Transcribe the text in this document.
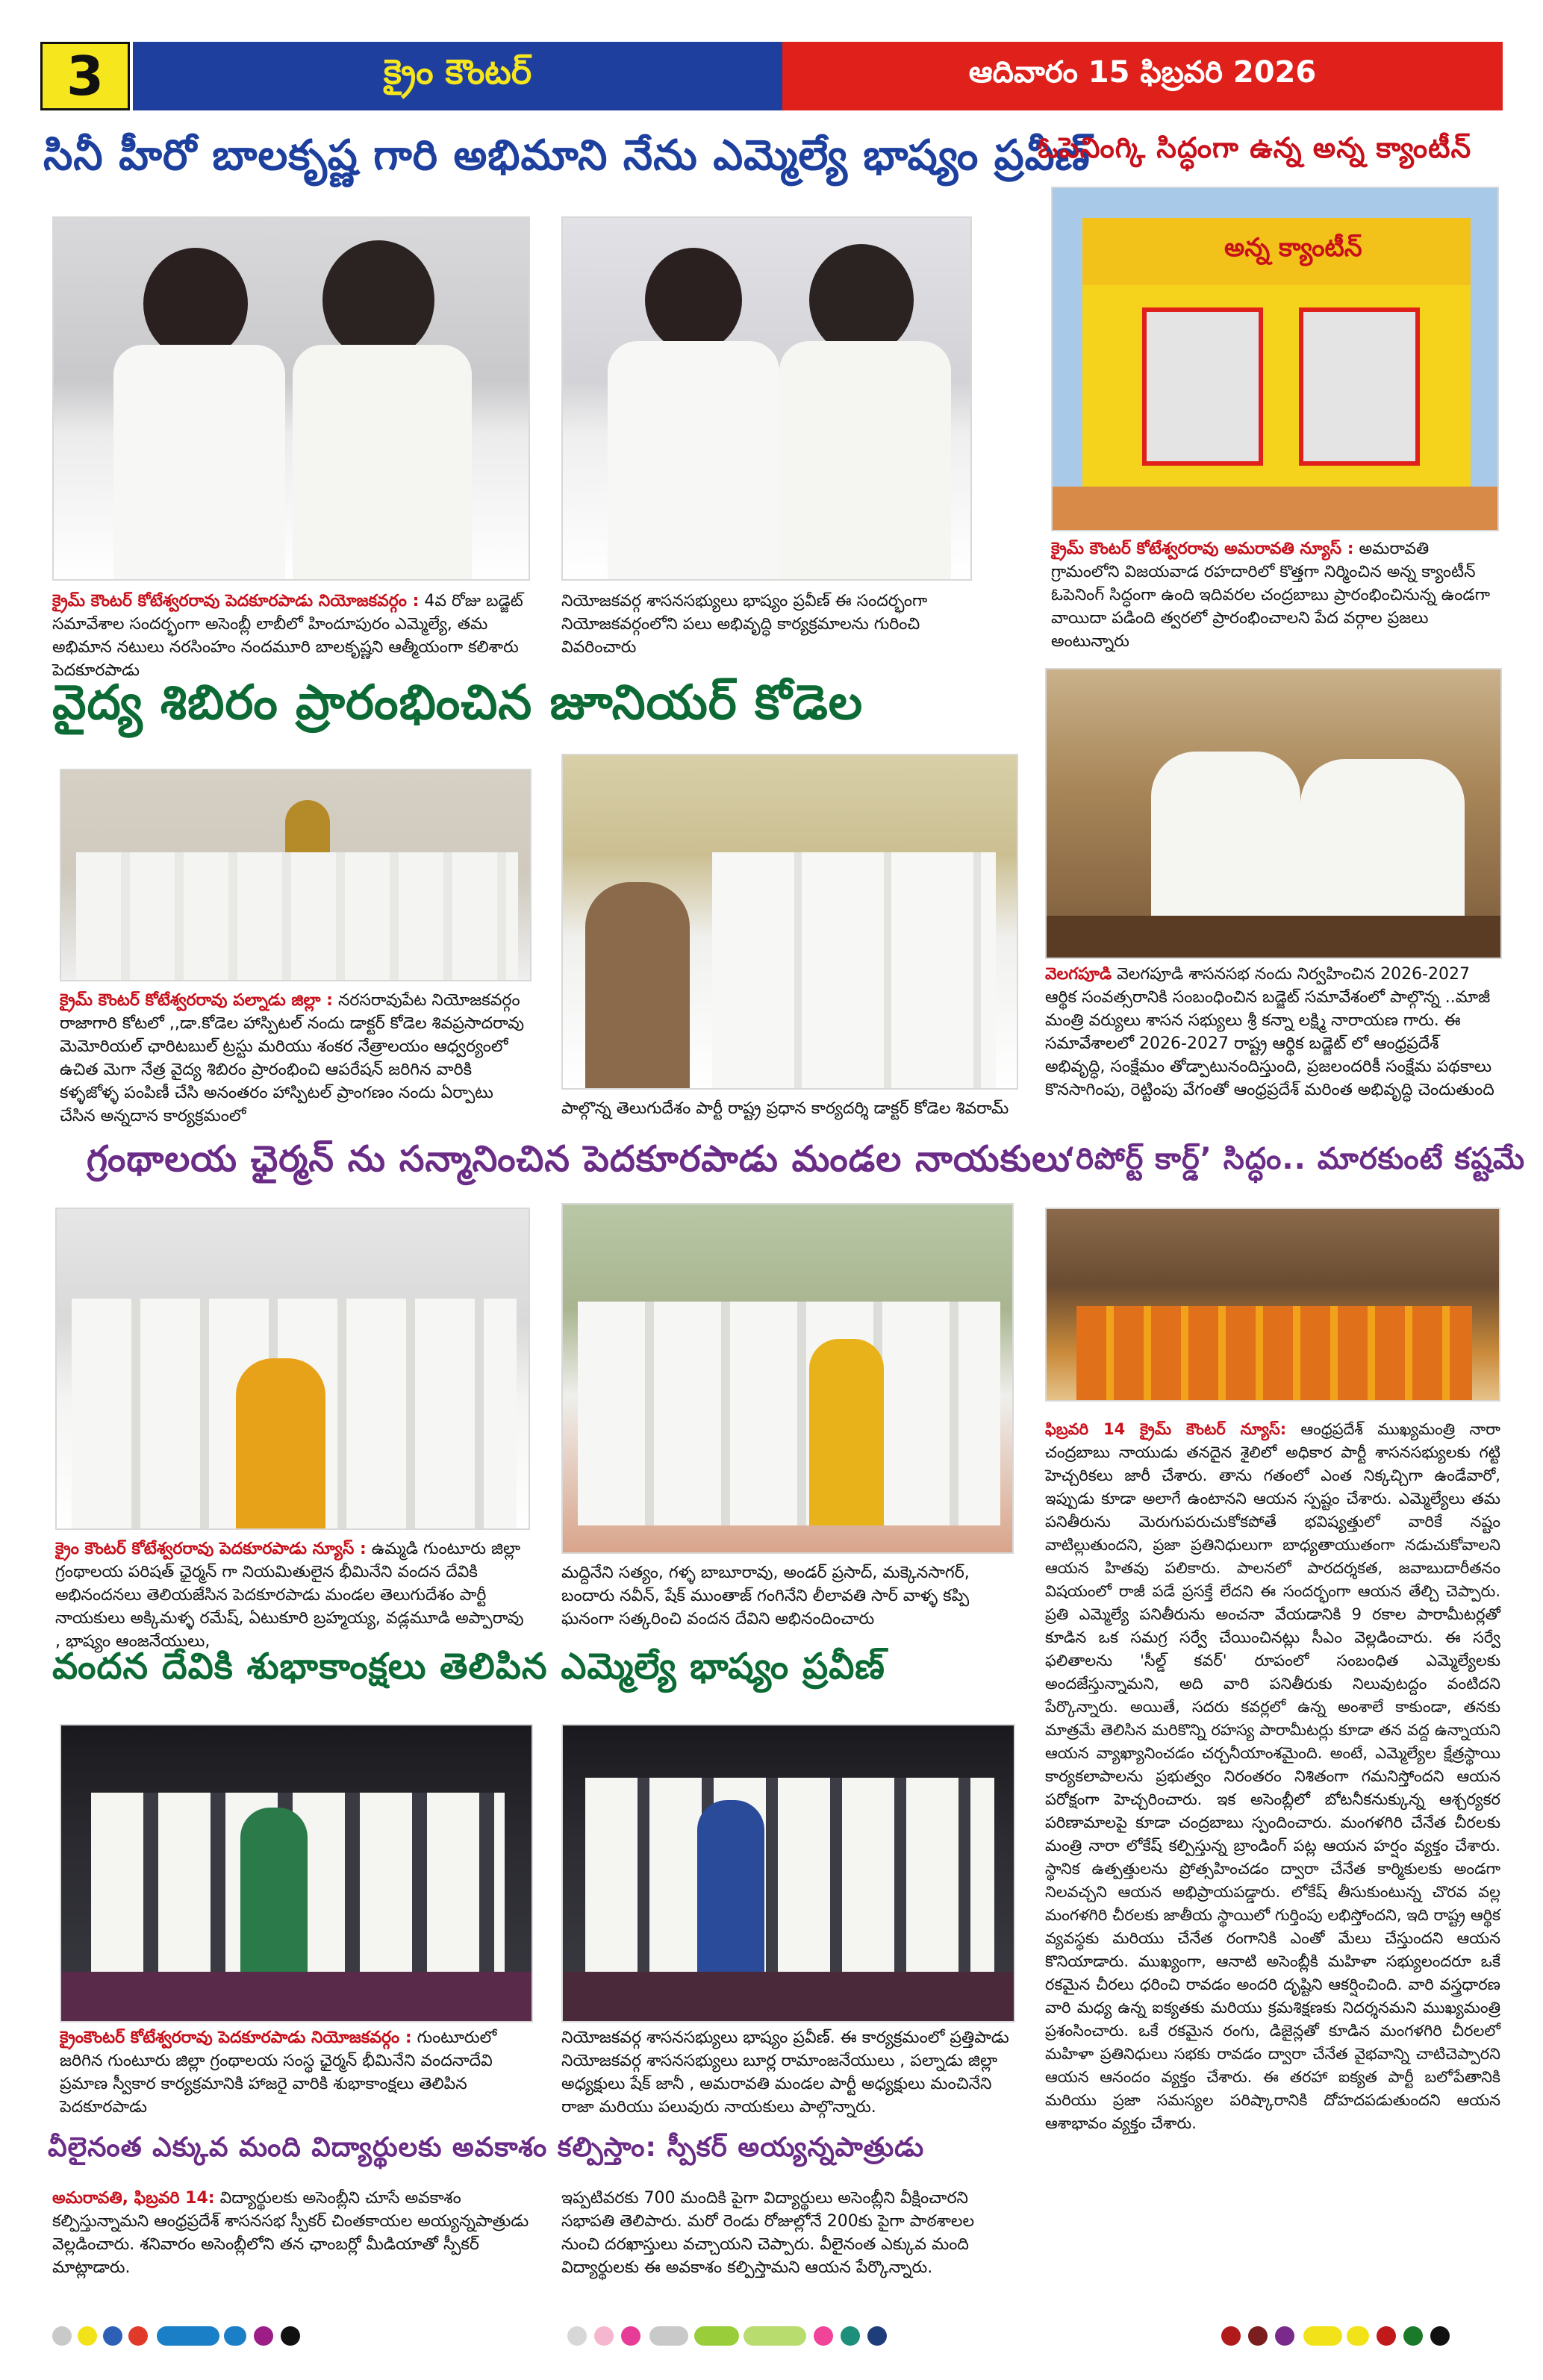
3	క్రైం కౌంటర్	ఆదివారం 15 ఫిబ్రవరి 2026
సినీ హీరో బాలకృష్ణ గారి అభిమాని నేను ఎమ్మెల్యే భాష్యం ప్రవీణ్
క్రైమ్ కౌంటర్ కోటేశ్వరరావు పెదకూరపాడు నియోజకవర్గం : 4వ రోజు బడ్జెట్ సమావేశాల సందర్భంగా అసెంబ్లీ లాబీలో హిందూపురం ఎమ్మెల్యే, తమ అభిమాన నటులు నరసింహం నందమూరి బాలకృష్ణని ఆత్మీయంగా కలిశారు పెదకూరపాడు
నియోజకవర్గ శాసనసభ్యులు భాష్యం ప్రవీణ్ ఈ సందర్భంగా నియోజకవర్గంలోని పలు అభివృద్ధి కార్యక్రమాలను గురించి వివరించారు
ఓపెనింగ్కి సిద్ధంగా ఉన్న అన్న క్యాంటీన్
అన్న క్యాంటీన్
క్రైమ్ కౌంటర్ కోటేశ్వరరావు అమరావతి న్యూస్ : అమరావతి గ్రామంలోని విజయవాడ రహదారిలో కొత్తగా నిర్మించిన అన్న క్యాంటీన్ ఓపెనింగ్ సిద్ధంగా ఉంది ఇదివరల చంద్రబాబు ప్రారంభించినున్న ఉండగా వాయిదా పడింది త్వరలో ప్రారంభించాలని పేద వర్గాల ప్రజలు అంటున్నారు
వైద్య శిబిరం ప్రారంభించిన జూనియర్ కోడెల
క్రైమ్ కౌంటర్ కోటేశ్వరరావు పల్నాడు జిల్లా : నరసరావుపేట నియోజకవర్గం రాజాగారి కోటలో ,,డా.కోడెల హాస్పిటల్ నందు డాక్టర్ కోడెల శివప్రసాదరావు మెమోరియల్ ఛారిటబుల్ ట్రస్టు మరియు శంకర నేత్రాలయం ఆధ్వర్యంలో ఉచిత మెగా నేత్ర వైద్య శిబిరం ప్రారంభించి ఆపరేషన్ జరిగిన వారికి కళ్ళజోళ్ళ పంపిణీ చేసి అనంతరం హాస్పిటల్ ప్రాంగణం నందు ఏర్పాటు చేసిన అన్నదాన కార్యక్రమంలో	పాల్గొన్న తెలుగుదేశం పార్టీ రాష్ట్ర ప్రధాన కార్యదర్శి డాక్టర్ కోడెల శివరామ్
వెలగపూడి వెలగపూడి శాసనసభ నందు నిర్వహించిన 2026-2027 ఆర్థిక సంవత్సరానికి సంబంధించిన బడ్జెట్ సమావేశంలో పాల్గొన్న ..మాజీ మంత్రి వర్యులు శాసన సభ్యులు శ్రీ కన్నా లక్ష్మి నారాయణ గారు. ఈ సమావేశాలలో 2026-2027 రాష్ట్ర ఆర్థిక బడ్జెట్ లో ఆంధ్రప్రదేశ్ అభివృద్ధి, సంక్షేమం తోడ్పాటునందిస్తుంది, ప్రజలందరికీ సంక్షేమ పథకాలు కొనసాగింపు, రెట్టింపు వేగంతో ఆంధ్రప్రదేశ్ మరింత అభివృద్ధి చెందుతుంది
గ్రంథాలయ ఛైర్మన్ ను సన్మానించిన పెదకూరపాడు మండల నాయకులు
క్రైం కౌంటర్ కోటేశ్వరరావు పెదకూరపాడు న్యూస్ : ఉమ్మడి గుంటూరు జిల్లా గ్రంథాలయ పరిషత్ ఛైర్మన్ గా నియమితులైన భీమినేని వందన దేవికి అభినందనలు తెలియజేసిన పెదకూరపాడు మండల తెలుగుదేశం పార్టీ నాయకులు అక్కిమళ్ళ రమేష్, ఏటుకూరి బ్రహ్మయ్య, వడ్లమూడి అప్పారావు , భాష్యం ఆంజనేయులు,
మద్దినేని సత్యం, గళ్ళ బాబూరావు, అండర్ ప్రసాద్, మక్కెనసాగర్, బందారు నవీన్, షేక్ ముంతాజ్ గంగినేని లీలావతి సార్ వాళ్ళ కప్పి ఘనంగా సత్కరించి వందన దేవిని అభినందించారు
‘రిపోర్ట్ కార్డ్’ సిద్ధం.. మారకుంటే కష్టమే
ఫిబ్రవరి 14 క్రైమ్ కౌంటర్ న్యూస్: ఆంధ్రప్రదేశ్ ముఖ్యమంత్రి నారా చంద్రబాబు నాయుడు తనదైన శైలిలో అధికార పార్టీ శాసనసభ్యులకు గట్టి హెచ్చరికలు జారీ చేశారు. తాను గతంలో ఎంత నిక్కచ్చిగా ఉండేవారో, ఇప్పుడు కూడా అలాగే ఉంటానని ఆయన స్పష్టం చేశారు. ఎమ్మెల్యేలు తమ పనితీరును మెరుగుపరుచుకోకపోతే భవిష్యత్తులో వారికే నష్టం వాటిల్లుతుందని, ప్రజా ప్రతినిధులుగా బాధ్యతాయుతంగా నడుచుకోవాలని ఆయన హితవు పలికారు. పాలనలో పారదర్శకత, జవాబుదారీతనం విషయంలో రాజీ పడే ప్రసక్తే లేదని ఈ సందర్భంగా ఆయన తేల్చి చెప్పారు. ప్రతి ఎమ్మెల్యే పనితీరును అంచనా వేయడానికి 9 రకాల పారామీటర్లతో కూడిన ఒక సమగ్ర సర్వే చేయించినట్లు సీఎం వెల్లడించారు. ఈ సర్వే ఫలితాలను 'సీల్డ్ కవర్' రూపంలో సంబంధిత ఎమ్మెల్యేలకు అందజేస్తున్నామని, అది వారి పనితీరుకు నిలువుటద్దం వంటిదని పేర్కొన్నారు. అయితే, సదరు కవర్లలో ఉన్న అంశాలే కాకుండా, తనకు మాత్రమే తెలిసిన మరికొన్ని రహస్య పారామీటర్లు కూడా తన వద్ద ఉన్నాయని ఆయన వ్యాఖ్యానించడం చర్చనీయాంశమైంది. అంటే, ఎమ్మెల్యేల క్షేత్రస్థాయి కార్యకలాపాలను ప్రభుత్వం నిరంతరం నిశితంగా గమనిస్తోందని ఆయన పరోక్షంగా హెచ్చరించారు. ఇక అసెంబ్లీలో బోటనీకనుక్కున్న ఆశ్చర్యకర పరిణామాలపై కూడా చంద్రబాబు స్పందించారు. మంగళగిరి చేనేత చీరలకు మంత్రి నారా లోకేష్ కల్పిస్తున్న బ్రాండింగ్ పట్ల ఆయన హర్షం వ్యక్తం చేశారు. స్థానిక ఉత్పత్తులను ప్రోత్సహించడం ద్వారా చేనేత కార్మికులకు అండగా నిలవచ్చని ఆయన అభిప్రాయపడ్డారు. లోకేష్ తీసుకుంటున్న చొరవ వల్ల మంగళగిరి చీరలకు జాతీయ స్థాయిలో గుర్తింపు లభిస్తోందని, ఇది రాష్ట్ర ఆర్థిక వ్యవస్థకు మరియు చేనేత రంగానికి ఎంతో మేలు చేస్తుందని ఆయన కొనియాడారు. ముఖ్యంగా, ఆనాటి అసెంబ్లీకి మహిళా సభ్యులందరూ ఒకే రకమైన చీరలు ధరించి రావడం అందరి దృష్టిని ఆకర్షించింది. వారి వస్త్రధారణ వారి మధ్య ఉన్న ఐక్యతకు మరియు క్రమశిక్షణకు నిదర్శనమని ముఖ్యమంత్రి ప్రశంసించారు. ఒకే రకమైన రంగు, డిజైన్లతో కూడిన మంగళగిరి చీరలలో మహిళా ప్రతినిధులు సభకు రావడం ద్వారా చేనేత వైభవాన్ని చాటిచెప్పారని ఆయన ఆనందం వ్యక్తం చేశారు. ఈ తరహా ఐక్యత పార్టీ బలోపేతానికి మరియు ప్రజా సమస్యల పరిష్కారానికి దోహదపడుతుందని ఆయన ఆశాభావం వ్యక్తం చేశారు.
వందన దేవికి శుభాకాంక్షలు తెలిపిన ఎమ్మెల్యే భాష్యం ప్రవీణ్
క్రైంకౌంటర్ కోటేశ్వరరావు పెదకూరపాడు నియోజకవర్గం : గుంటూరులో జరిగిన గుంటూరు జిల్లా గ్రంథాలయ సంస్థ ఛైర్మన్ భీమినేని వందనాదేవి ప్రమాణ స్వీకార కార్యక్రమానికి హాజరై వారికి శుభాకాంక్షలు తెలిపిన పెదకూరపాడు
నియోజకవర్గ శాసనసభ్యులు భాష్యం ప్రవీణ్. ఈ కార్యక్రమంలో ప్రత్తిపాడు నియోజకవర్గ శాసనసభ్యులు బూర్ల రామాంజనేయులు , పల్నాడు జిల్లా అధ్యక్షులు షేక్ జానీ , అమరావతి మండల పార్టీ అధ్యక్షులు మంచినేని రాజా మరియు పలువురు నాయకులు పాల్గొన్నారు.
వీలైనంత ఎక్కువ మంది విద్యార్థులకు అవకాశం కల్పిస్తాం: స్పీకర్ అయ్యన్నపాత్రుడు
అమరావతి, ఫిబ్రవరి 14: విద్యార్థులకు అసెంబ్లీని చూసే అవకాశం కల్పిస్తున్నామని ఆంధ్రప్రదేశ్ శాసనసభ స్పీకర్ చింతకాయల అయ్యన్నపాత్రుడు వెల్లడించారు. శనివారం అసెంబ్లీలోని తన ఛాంబర్లో మీడియాతో స్పీకర్ మాట్లాడారు.
ఇప్పటివరకు 700 మందికి పైగా విద్యార్థులు అసెంబ్లీని వీక్షించారని సభాపతి తెలిపారు. మరో రెండు రోజుల్లోనే 200కు పైగా పాఠశాలల నుంచి దరఖాస్తులు వచ్చాయని చెప్పారు. వీలైనంత ఎక్కువ మంది విద్యార్థులకు ఈ అవకాశం కల్పిస్తామని ఆయన పేర్కొన్నారు.
